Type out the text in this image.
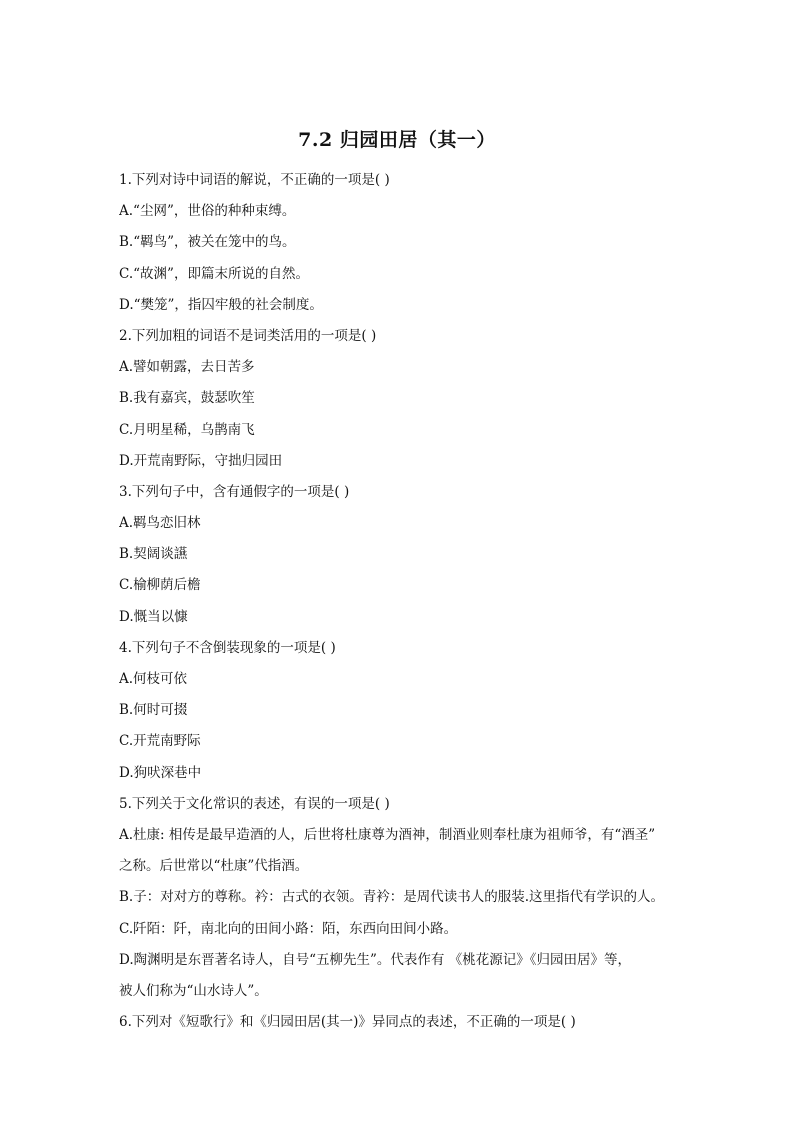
7.2 归园田居（其一）
1.下列对诗中词语的解说，不正确的一项是( )
A.“尘网”，世俗的种种束缚。
B.“羁鸟”，被关在笼中的鸟。
C.“故渊”，即篇末所说的自然。
D.“樊笼”，指囚牢般的社会制度。
2.下列加粗的词语不是词类活用的一项是( )
A.譬如朝露，去日苦多
B.我有嘉宾，鼓瑟吹笙
C.月明星稀，乌鹊南飞
D.开荒南野际，守拙归园田
3.下列句子中，含有通假字的一项是( )
A.羁鸟恋旧林
B.契阔谈讌
C.榆柳荫后檐
D.慨当以慷
4.下列句子不含倒装现象的一项是( )
A.何枝可依
B.何时可掇
C.开荒南野际
D.狗吠深巷中
5.下列关于文化常识的表述，有误的一项是( )
A.杜康: 相传是最早造酒的人，后世将杜康尊为酒神，制酒业则奉杜康为祖师爷，有“酒圣”
之称。后世常以“杜康”代指酒。
B.子：对对方的尊称。衿：古式的衣领。青衿：是周代读书人的服装.这里指代有学识的人。
C.阡陌：阡，南北向的田间小路：陌，东西向田间小路。
D.陶渊明是东晋著名诗人，自号“五柳先生”。代表作有 《桃花源记》《归园田居》等，
被人们称为“山水诗人”。
6.下列对《短歌行》和《归园田居(其一)》异同点的表述，不正确的一项是( )
